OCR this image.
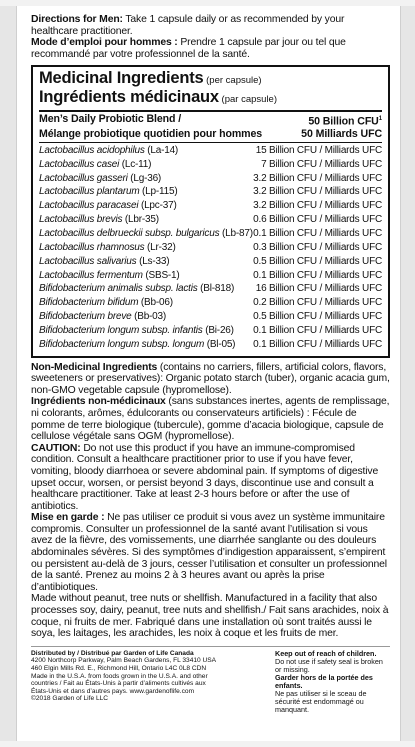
Directions for Men: Take 1 capsule daily or as recommended by your healthcare practitioner.

Mode d’emploi pour hommes : Prendre 1 capsule par jour ou tel que recommandé par votre professionnel de la santé.

Medicinal Ingredients (per capsule)
Ingrédients médicinaux (par capsule)
Men’s Daily Probiotic Blend /	50 Billion CFU$^1$
Mélange probiotique quotidien pour hommes	50 Milliards UFC
Lactobacillus acidophilus (La-14)	15 Billion CFU / Milliards UFC
Lactobacillus casei (Lc-11)	7 Billion CFU / Milliards UFC
Lactobacillus gasseri (Lg-36)	3.2 Billion CFU / Milliards UFC
Lactobacillus plantarum (Lp-115)	3.2 Billion CFU / Milliards UFC
Lactobacillus paracasei (Lpc-37)	3.2 Billion CFU / Milliards UFC
Lactobacillus brevis (Lbr-35)	0.6 Billion CFU / Milliards UFC
Lactobacillus delbrueckii subsp. bulgaricus (Lb-87) 0.1 Billion CFU / Milliards UFC
Lactobacillus rhamnosus (Lr-32)	0.3 Billion CFU / Milliards UFC
Lactobacillus salivarius (Ls-33)	0.5 Billion CFU / Milliards UFC
Lactobacillus fermentum (SBS-1)	0.1 Billion CFU / Milliards UFC
Bifidobacterium animalis subsp. lactis (Bl-818) 16 Billion CFU / Milliards UFC
Bifidobacterium bifidum (Bb-06)	0.2 Billion CFU / Milliards UFC
Bifidobacterium breve (Bb-03)	0.5 Billion CFU / Milliards UFC
Bifidobacterium longum subsp. infantis (Bi-26) 0.1 Billion CFU / Milliards UFC
Bifidobacterium longum subsp. longum (Bl-05) 0.1 Billion CFU / Milliards UFC

Non-Medicinal Ingredients (contains no carriers, fillers, artificial colors, flavors, sweeteners or preservatives): Organic potato starch (tuber), organic acacia gum, non-GMO vegetable capsule (hypromellose).

Ingrédients non-médicinaux (sans substances inertes, agents de remplissage, ni colorants, arômes, édulcorants ou conservateurs artificiels) : Fécule de pomme de terre biologique (tubercule), gomme d’acacia biologique, capsule de cellulose végétale sans OGM (hypromellose).

CAUTION: Do not use this product if you have an immune-compromised condition. Consult a healthcare practitioner prior to use if you have fever, vomiting, bloody diarrhoea or severe abdominal pain. If symptoms of digestive upset occur, worsen, or persist beyond 3 days, discontinue use and consult a healthcare practitioner. Take at least 2-3 hours before or after the use of antibiotics.

Mise en garde : Ne pas utiliser ce produit si vous avez un système immunitaire compromis. Consulter un professionnel de la santé avant l’utilisation si vous avez de la fièvre, des vomissements, une diarrhée sanglante ou des douleurs abdominales sévères. Si des symptômes d’indigestion apparaissent, s’empirent ou persistent au-delà de 3 jours, cesser l’utilisation et consulter un professionnel de la santé. Prenez au moins 2 à 3 heures avant ou après la prise d’antibiotiques.

Made without peanut, tree nuts or shellfish. Manufactured in a facility that also processes soy, dairy, peanut, tree nuts and shellfish./ Fait sans arachides, noix à coque, ni fruits de mer. Fabriqué dans une installation où sont traités aussi le soya, les laitages, les arachides, les noix à coque et les fruits de mer.

Distributed by / Distribué par Garden of Life Canada
4200 Northcorp Parkway, Palm Beach Gardens, FL 33410 USA
460 Elgin Mills Rd. E., Richmond Hill, Ontario L4C 0L8 CDN
Made in the U.S.A. from foods grown in the U.S.A. and other
countries / Fait au États-Unis à partir d’aliments cultivés aux
États-Unis et dans d’autres pays. www.gardenoflife.com
©2018 Garden of Life LLC
Keep out of reach of children.
Do not use if safety seal is broken or missing.
Garder hors de la portée des enfants.
Ne pas utiliser si le sceau de sécurité est endommagé ou manquant.
